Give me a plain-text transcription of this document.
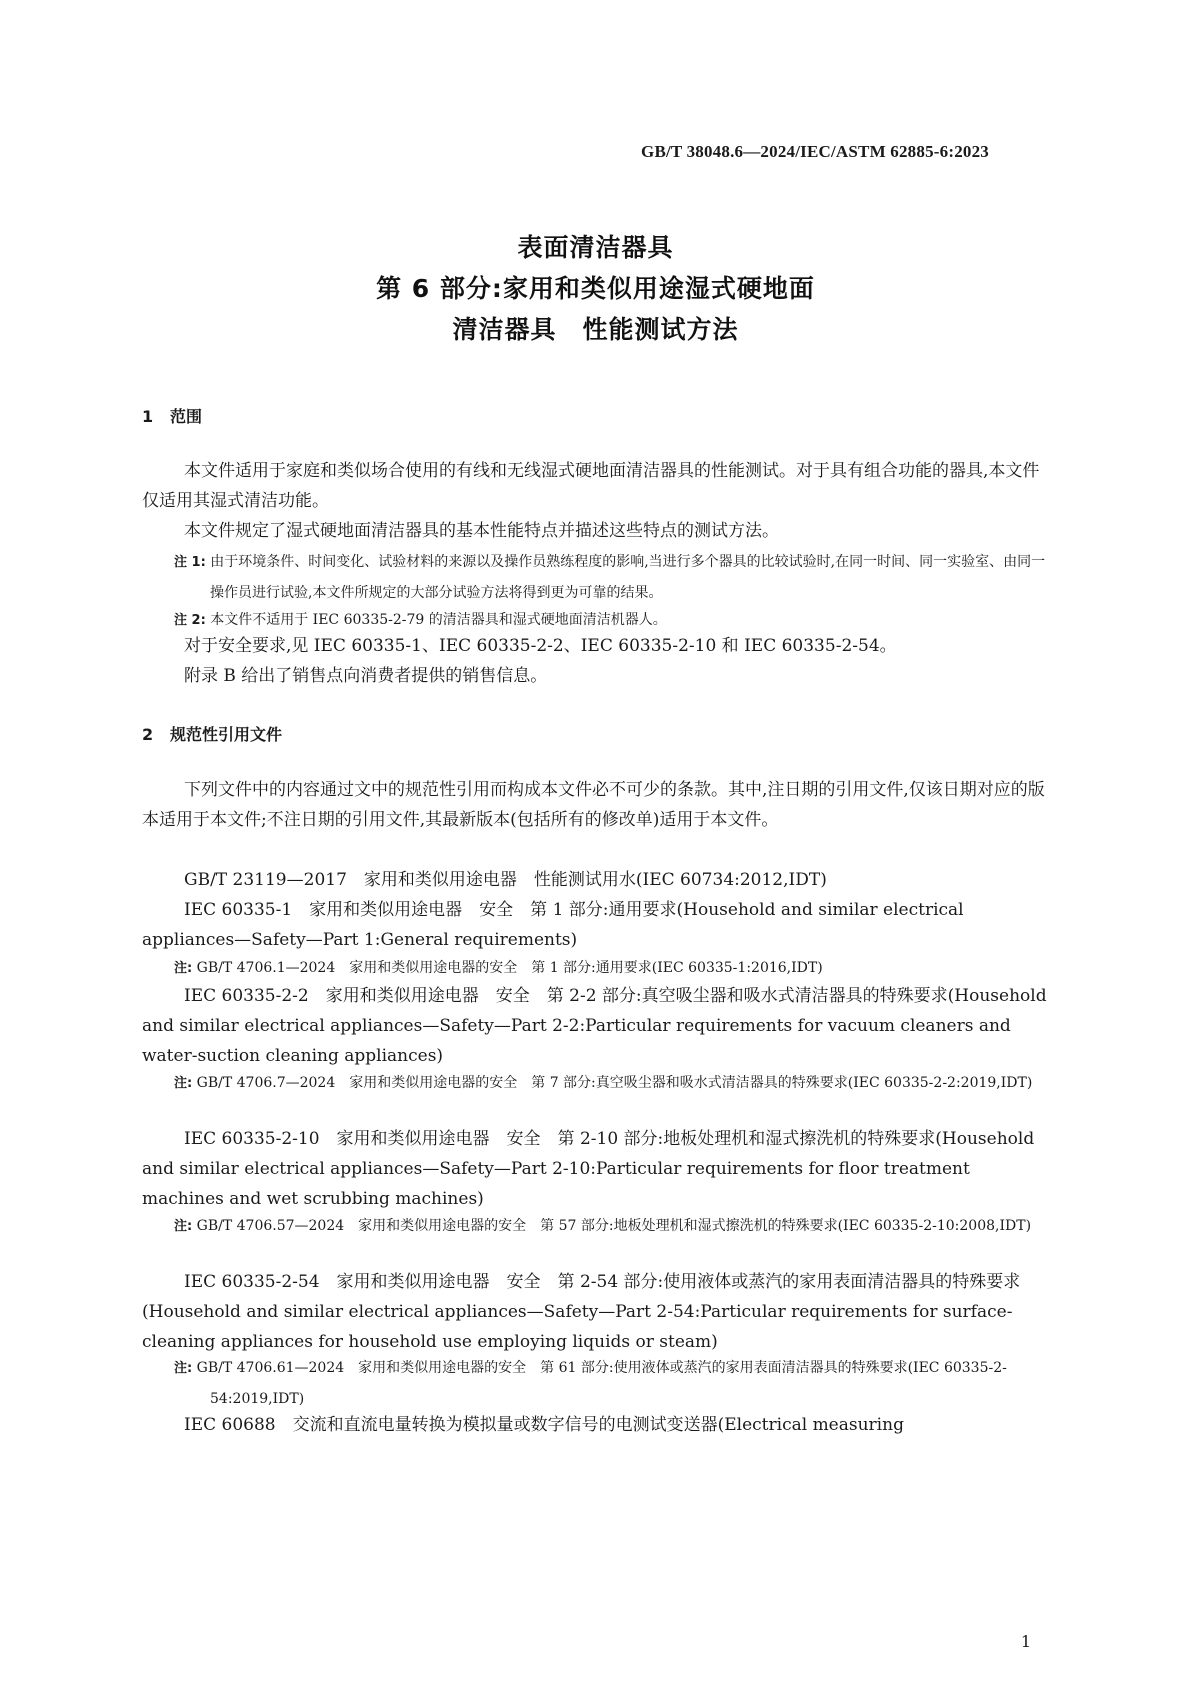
GB/T 38048.6—2024/IEC/ASTM 62885-6:2023
表面清洁器具
第 6 部分:家用和类似用途湿式硬地面
清洁器具　性能测试方法
1 范围
本文件适用于家庭和类似场合使用的有线和无线湿式硬地面清洁器具的性能测试。对于具有组合功能的器具,本文件仅适用其湿式清洁功能。
本文件规定了湿式硬地面清洁器具的基本性能特点并描述这些特点的测试方法。
注 1: 由于环境条件、时间变化、试验材料的来源以及操作员熟练程度的影响,当进行多个器具的比较试验时,在同一时间、同一实验室、由同一操作员进行试验,本文件所规定的大部分试验方法将得到更为可靠的结果。
注 2: 本文件不适用于 IEC 60335-2-79 的清洁器具和湿式硬地面清洁机器人。
对于安全要求,见 IEC 60335-1、IEC 60335-2-2、IEC 60335-2-10 和 IEC 60335-2-54。
附录 B 给出了销售点向消费者提供的销售信息。
2 规范性引用文件
下列文件中的内容通过文中的规范性引用而构成本文件必不可少的条款。其中,注日期的引用文件,仅该日期对应的版本适用于本文件;不注日期的引用文件,其最新版本(包括所有的修改单)适用于本文件。
GB/T 23119—2017　家用和类似用途电器　性能测试用水(IEC 60734:2012,IDT)
IEC 60335-1　家用和类似用途电器　安全　第 1 部分:通用要求(Household and similar electrical appliances—Safety—Part 1:General requirements)
注: GB/T 4706.1—2024　家用和类似用途电器的安全　第 1 部分:通用要求(IEC 60335-1:2016,IDT)
IEC 60335-2-2　家用和类似用途电器　安全　第 2-2 部分:真空吸尘器和吸水式清洁器具的特殊要求(Household and similar electrical appliances—Safety—Part 2-2:Particular requirements for vacuum cleaners and water-suction cleaning appliances)
注: GB/T 4706.7—2024　家用和类似用途电器的安全　第 7 部分:真空吸尘器和吸水式清洁器具的特殊要求(IEC 60335-2-2:2019,IDT)
IEC 60335-2-10　家用和类似用途电器　安全　第 2-10 部分:地板处理机和湿式擦洗机的特殊要求(Household and similar electrical appliances—Safety—Part 2-10:Particular requirements for floor treatment machines and wet scrubbing machines)
注: GB/T 4706.57—2024　家用和类似用途电器的安全　第 57 部分:地板处理机和湿式擦洗机的特殊要求(IEC 60335-2-10:2008,IDT)
IEC 60335-2-54　家用和类似用途电器　安全　第 2-54 部分:使用液体或蒸汽的家用表面清洁器具的特殊要求(Household and similar electrical appliances—Safety—Part 2-54:Particular requirements for surface-cleaning appliances for household use employing liquids or steam)
注: GB/T 4706.61—2024　家用和类似用途电器的安全　第 61 部分:使用液体或蒸汽的家用表面清洁器具的特殊要求(IEC 60335-2-54:2019,IDT)
IEC 60688　交流和直流电量转换为模拟量或数字信号的电测试变送器(Electrical measuring
1
